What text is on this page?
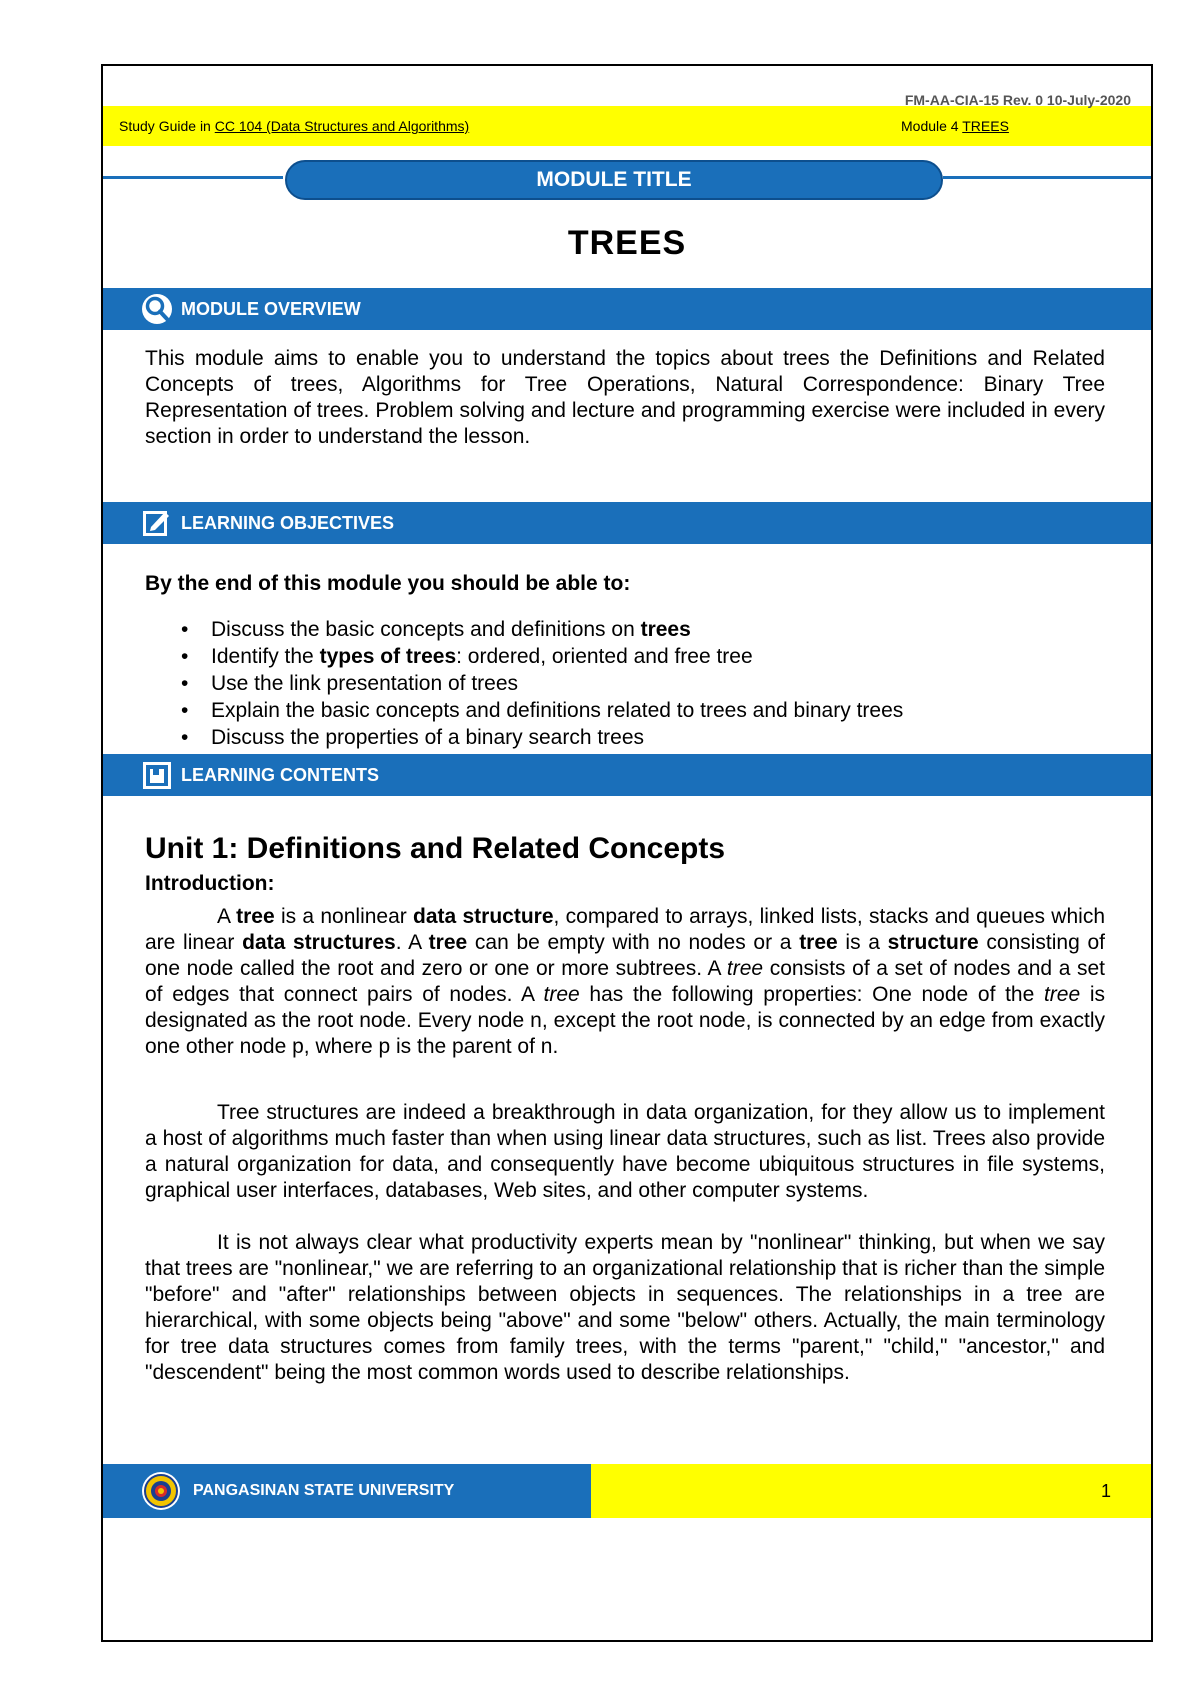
FM-AA-CIA-15 Rev. 0 10-July-2020
Study Guide in CC 104 (Data Structures and Algorithms)	Module 4 TREES
MODULE TITLE
TREES
MODULE OVERVIEW
This module aims to enable you to understand the topics about trees the Definitions and Related Concepts of trees, Algorithms for Tree Operations, Natural Correspondence: Binary Tree Representation of trees. Problem solving and lecture and programming exercise were included in every section in order to understand the lesson.
LEARNING OBJECTIVES
By the end of this module you should be able to:
• Discuss the basic concepts and definitions on trees
• Identify the types of trees: ordered, oriented and free tree
• Use the link presentation of trees
• Explain the basic concepts and definitions related to trees and binary trees
• Discuss the properties of a binary search trees
LEARNING CONTENTS
Unit 1: Definitions and Related Concepts
Introduction:
A tree is a nonlinear data structure, compared to arrays, linked lists, stacks and queues which are linear data structures. A tree can be empty with no nodes or a tree is a structure consisting of one node called the root and zero or one or more subtrees. A tree consists of a set of nodes and a set of edges that connect pairs of nodes. A tree has the following properties: One node of the tree is designated as the root node. Every node n, except the root node, is connected by an edge from exactly one other node p, where p is the parent of n.
Tree structures are indeed a breakthrough in data organization, for they allow us to implement a host of algorithms much faster than when using linear data structures, such as list. Trees also provide a natural organization for data, and consequently have become ubiquitous structures in file systems, graphical user interfaces, databases, Web sites, and other computer systems.
It is not always clear what productivity experts mean by "nonlinear" thinking, but when we say that trees are "nonlinear," we are referring to an organizational relationship that is richer than the simple "before" and "after" relationships between objects in sequences. The relationships in a tree are hierarchical, with some objects being "above" and some "below" others. Actually, the main terminology for tree data structures comes from family trees, with the terms "parent," "child," "ancestor," and "descendent" being the most common words used to describe relationships.
PANGASINAN STATE UNIVERSITY	1
